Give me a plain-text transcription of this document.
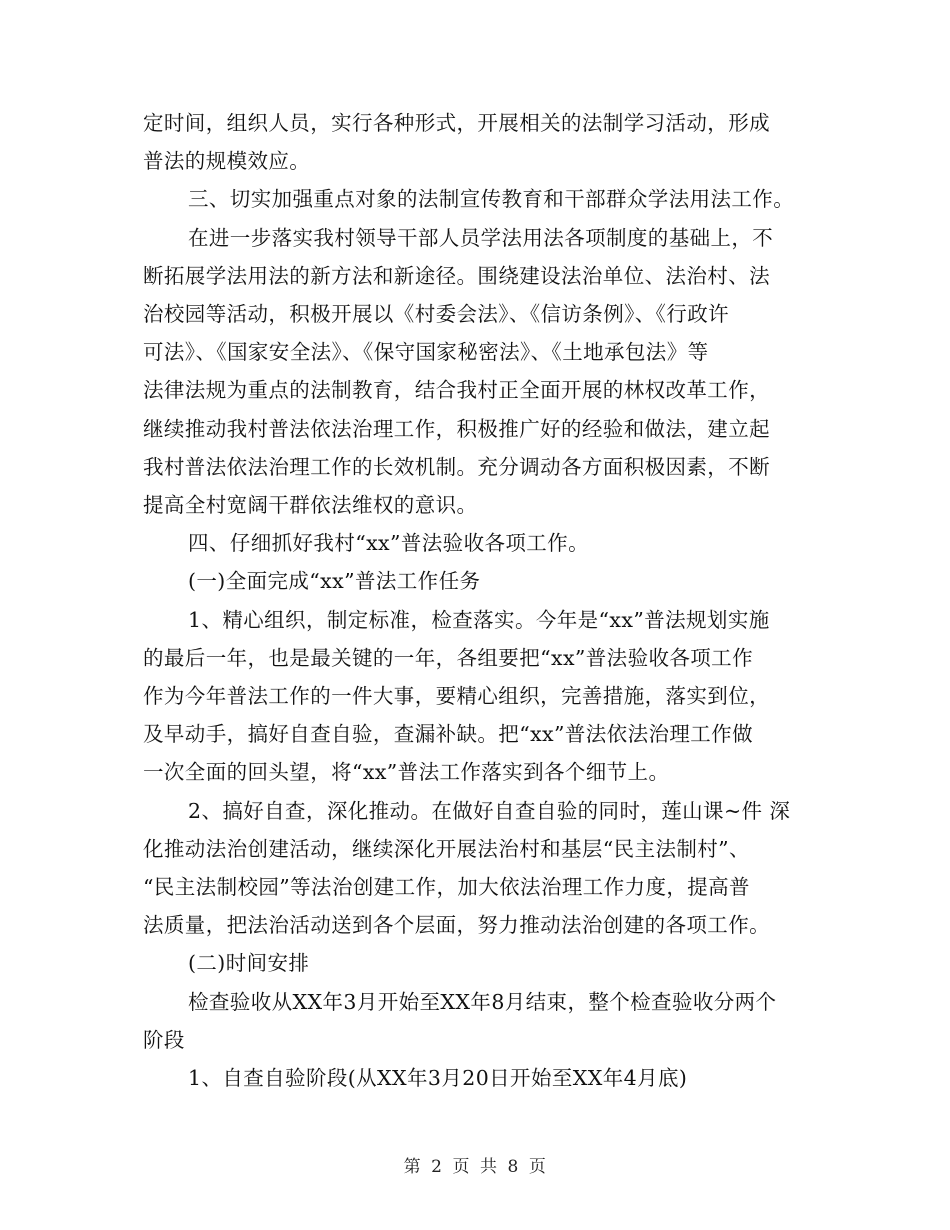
定时间，组织人员，实行各种形式，开展相关的法制学习活动，形成
普法的规模效应。
三、切实加强重点对象的法制宣传教育和干部群众学法用法工作。
在进一步落实我村领导干部人员学法用法各项制度的基础上，不
断拓展学法用法的新方法和新途径。围绕建设法治单位、法治村、法
治校园等活动，积极开展以《村委会法》、《信访条例》、《行政许
可法》、《国家安全法》、《保守国家秘密法》、《土地承包法》等
法律法规为重点的法制教育，结合我村正全面开展的林权改革工作，
继续推动我村普法依法治理工作，积极推广好的经验和做法，建立起
我村普法依法治理工作的长效机制。充分调动各方面积极因素，不断
提高全村宽阔干群依法维权的意识。
四、仔细抓好我村“xx”普法验收各项工作。
(一)全面完成“xx”普法工作任务
1、精心组织，制定标准，检查落实。今年是“xx”普法规划实施
的最后一年，也是最关键的一年，各组要把“xx”普法验收各项工作
作为今年普法工作的一件大事，要精心组织，完善措施，落实到位，
及早动手，搞好自查自验，查漏补缺。把“xx”普法依法治理工作做
一次全面的回头望，将“xx”普法工作落实到各个细节上。
2、搞好自查，深化推动。在做好自查自验的同时，莲山课~件 深
化推动法治创建活动，继续深化开展法治村和基层“民主法制村”、
“民主法制校园”等法治创建工作，加大依法治理工作力度，提高普
法质量，把法治活动送到各个层面，努力推动法治创建的各项工作。
(二)时间安排
检查验收从XX年3月开始至XX年8月结束，整个检查验收分两个
阶段
1、自查自验阶段(从XX年3月20日开始至XX年4月底)
第 2 页 共 8 页
